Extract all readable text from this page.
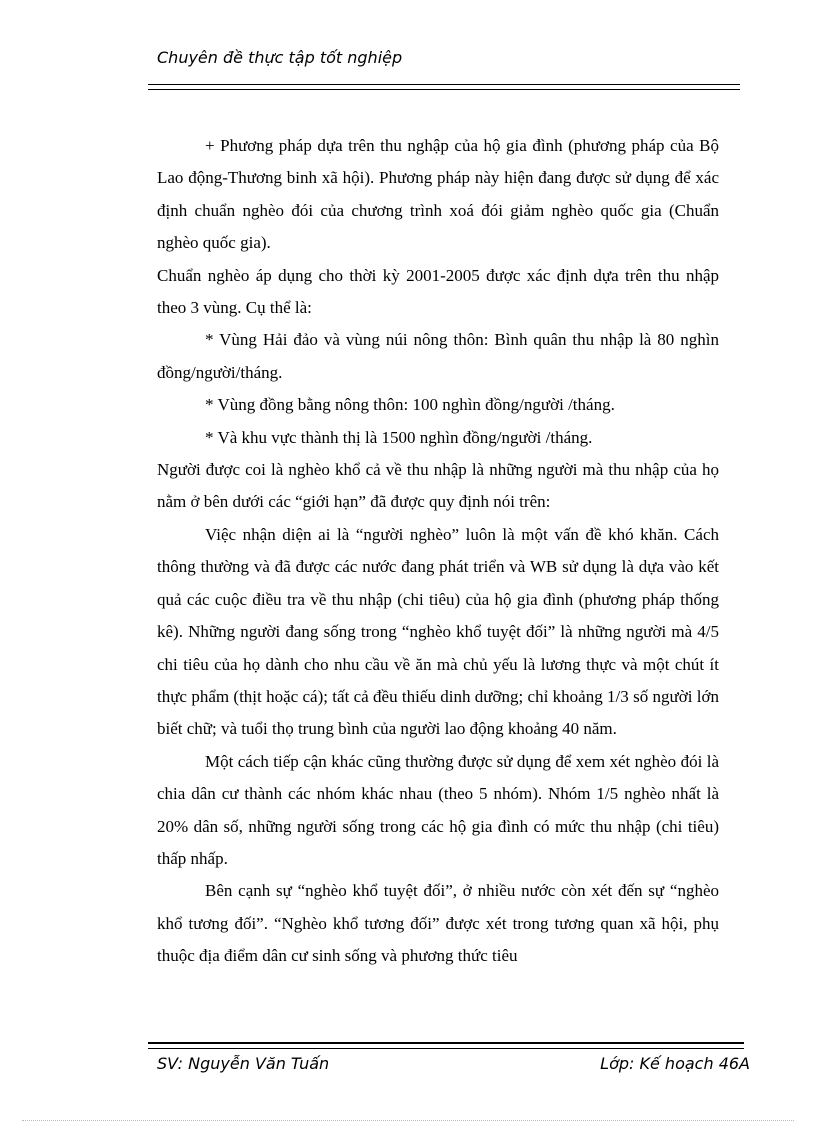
Chuyên đề thực tập tốt nghiệp

+ Phương pháp dựa trên thu nghập của hộ gia đình (phương pháp của Bộ Lao động-Thương binh xã hội). Phương pháp này hiện đang được sử dụng để xác định chuẩn nghèo đói của chương trình xoá đói giảm nghèo quốc gia (Chuẩn nghèo quốc gia).

Chuẩn nghèo áp dụng cho thời kỳ 2001-2005 được xác định dựa trên thu nhập theo 3 vùng. Cụ thể là:

* Vùng Hải đảo và vùng núi nông thôn: Bình quân thu nhập là 80 nghìn đồng/người/tháng.

* Vùng đồng bằng nông thôn: 100 nghìn đồng/người /tháng.

* Và khu vực thành thị là 1500 nghìn đồng/người /tháng.

Người được coi là nghèo khổ cả về thu nhập là những người mà thu nhập của họ nằm ở bên dưới các “giới hạn” đã được quy định nói trên:

Việc nhận diện ai là “người nghèo” luôn là một vấn đề khó khăn. Cách thông thường và đã được các nước đang phát triển và WB sử dụng là dựa vào kết quả các cuộc điều tra về thu nhập (chi tiêu) của hộ gia đình (phương pháp thống kê). Những người đang sống trong “nghèo khổ tuyệt đối” là những người mà 4/5 chi tiêu của họ dành cho nhu cầu về ăn mà chủ yếu là lương thực và một chút ít thực phẩm (thịt hoặc cá); tất cả đều thiếu dinh dưỡng; chỉ khoảng 1/3 số người lớn biết chữ; và tuổi thọ trung bình của người lao động khoảng 40 năm.

Một cách tiếp cận khác cũng thường được sử dụng để xem xét nghèo đói là chia dân cư thành các nhóm khác nhau (theo 5 nhóm). Nhóm 1/5 nghèo nhất là 20% dân số, những người sống trong các hộ gia đình có mức thu nhập (chi tiêu) thấp nhấp.

Bên cạnh sự “nghèo khổ tuyệt đối”, ở nhiều nước còn xét đến sự “nghèo khổ tương đối”. “Nghèo khổ tương đối” được xét trong tương quan xã hội, phụ thuộc địa điểm dân cư sinh sống và phương thức tiêu

SV: Nguyễn Văn Tuấn	Lớp: Kế hoạch 46A
